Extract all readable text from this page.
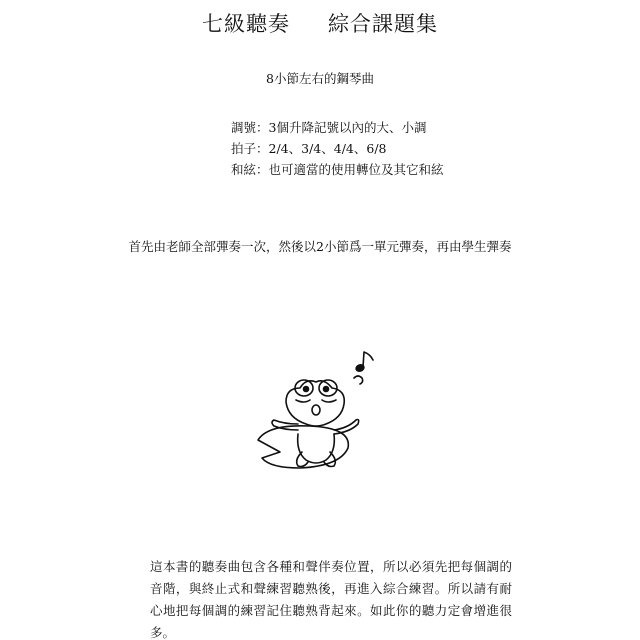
七級聽奏 綜合課題集
8小節左右的鋼琴曲
調號：3個升降記號以內的大、小調
拍子：2/4、3/4、4/4、6/8
和絃：也可適當的使用轉位及其它和絃
首先由老師全部彈奏一次，然後以2小節爲一單元彈奏，再由學生彈奏
這本書的聽奏曲包含各種和聲伴奏位置，所以必須先把每個調的音階，與終止式和聲練習聽熟後，再進入綜合練習。所以請有耐心地把每個調的練習記住聽熟背起來。如此你的聽力定會增進很多。
